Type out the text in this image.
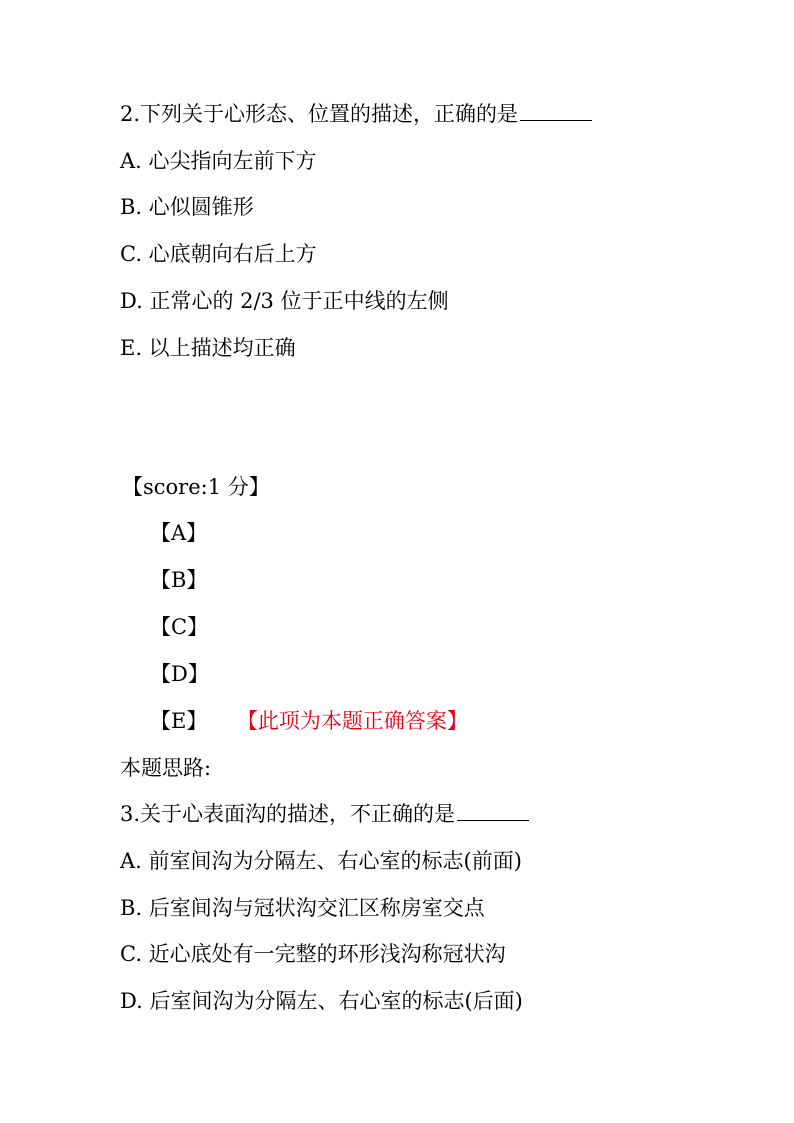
2.下列关于心形态、位置的描述，正确的是
A. 心尖指向左前下方
B. 心似圆锥形
C. 心底朝向右后上方
D. 正常心的 2/3 位于正中线的左侧
E. 以上描述均正确
【score:1 分】
【A】
【B】
【C】
【D】
【E】 【此项为本题正确答案】
本题思路:
3.关于心表面沟的描述，不正确的是
A. 前室间沟为分隔左、右心室的标志(前面)
B. 后室间沟与冠状沟交汇区称房室交点
C. 近心底处有一完整的环形浅沟称冠状沟
D. 后室间沟为分隔左、右心室的标志(后面)
